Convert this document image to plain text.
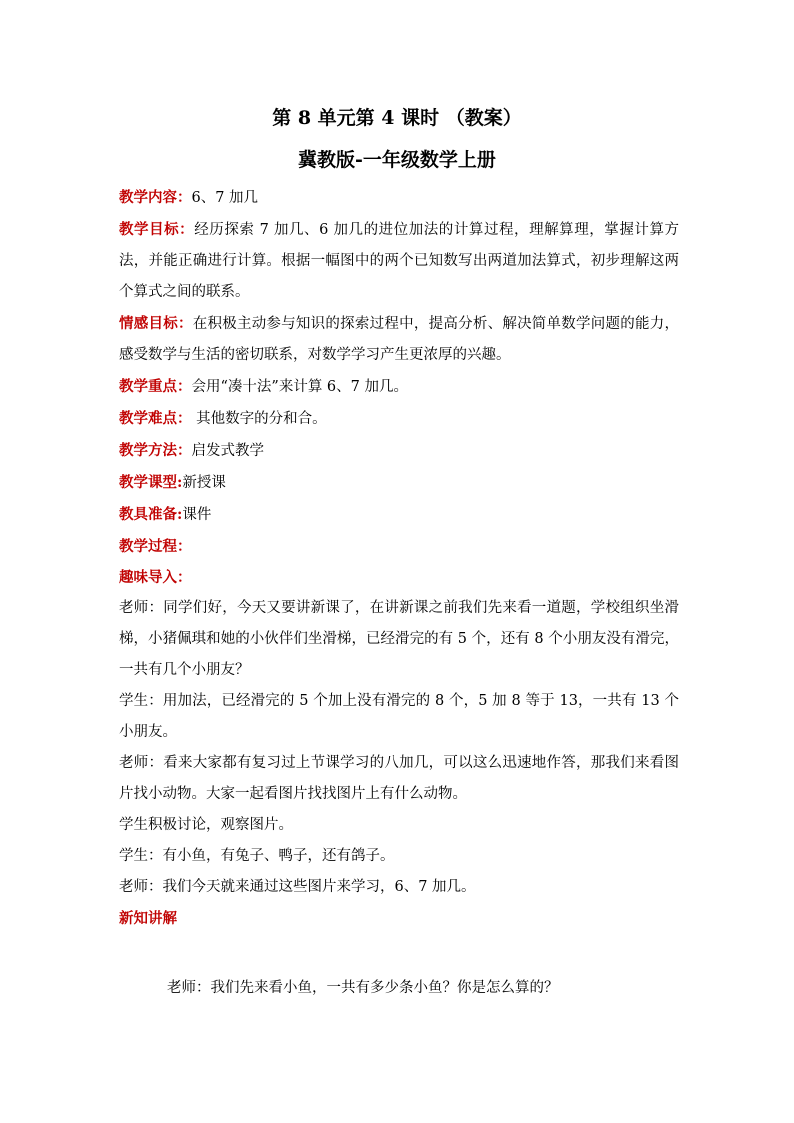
第 8 单元第 4 课时 （教案）
冀教版-一年级数学上册

教学内容：6、7 加几

教学目标：经历探索 7 加几、6 加几的进位加法的计算过程，理解算理，掌握计算方法，并能正确进行计算。根据一幅图中的两个已知数写出两道加法算式，初步理解这两个算式之间的联系。

情感目标：在积极主动参与知识的探索过程中，提高分析、解决简单数学问题的能力，感受数学与生活的密切联系，对数学学习产生更浓厚的兴趣。

教学重点：会用“凑十法”来计算 6、7 加几。

教学难点： 其他数字的分和合。

教学方法：启发式教学

教学课型:新授课

教具准备:课件

教学过程：

趣味导入：

老师：同学们好，今天又要讲新课了，在讲新课之前我们先来看一道题，学校组织坐滑梯，小猪佩琪和她的小伙伴们坐滑梯，已经滑完的有 5 个，还有 8 个小朋友没有滑完，一共有几个小朋友？

学生：用加法，已经滑完的 5 个加上没有滑完的 8 个，5 加 8 等于 13，一共有 13 个小朋友。

老师：看来大家都有复习过上节课学习的八加几，可以这么迅速地作答，那我们来看图片找小动物。大家一起看图片找找图片上有什么动物。

学生积极讨论，观察图片。

学生：有小鱼，有兔子、鸭子，还有鸽子。

老师：我们今天就来通过这些图片来学习，6、7 加几。

新知讲解

老师：我们先来看小鱼，一共有多少条小鱼？你是怎么算的？
